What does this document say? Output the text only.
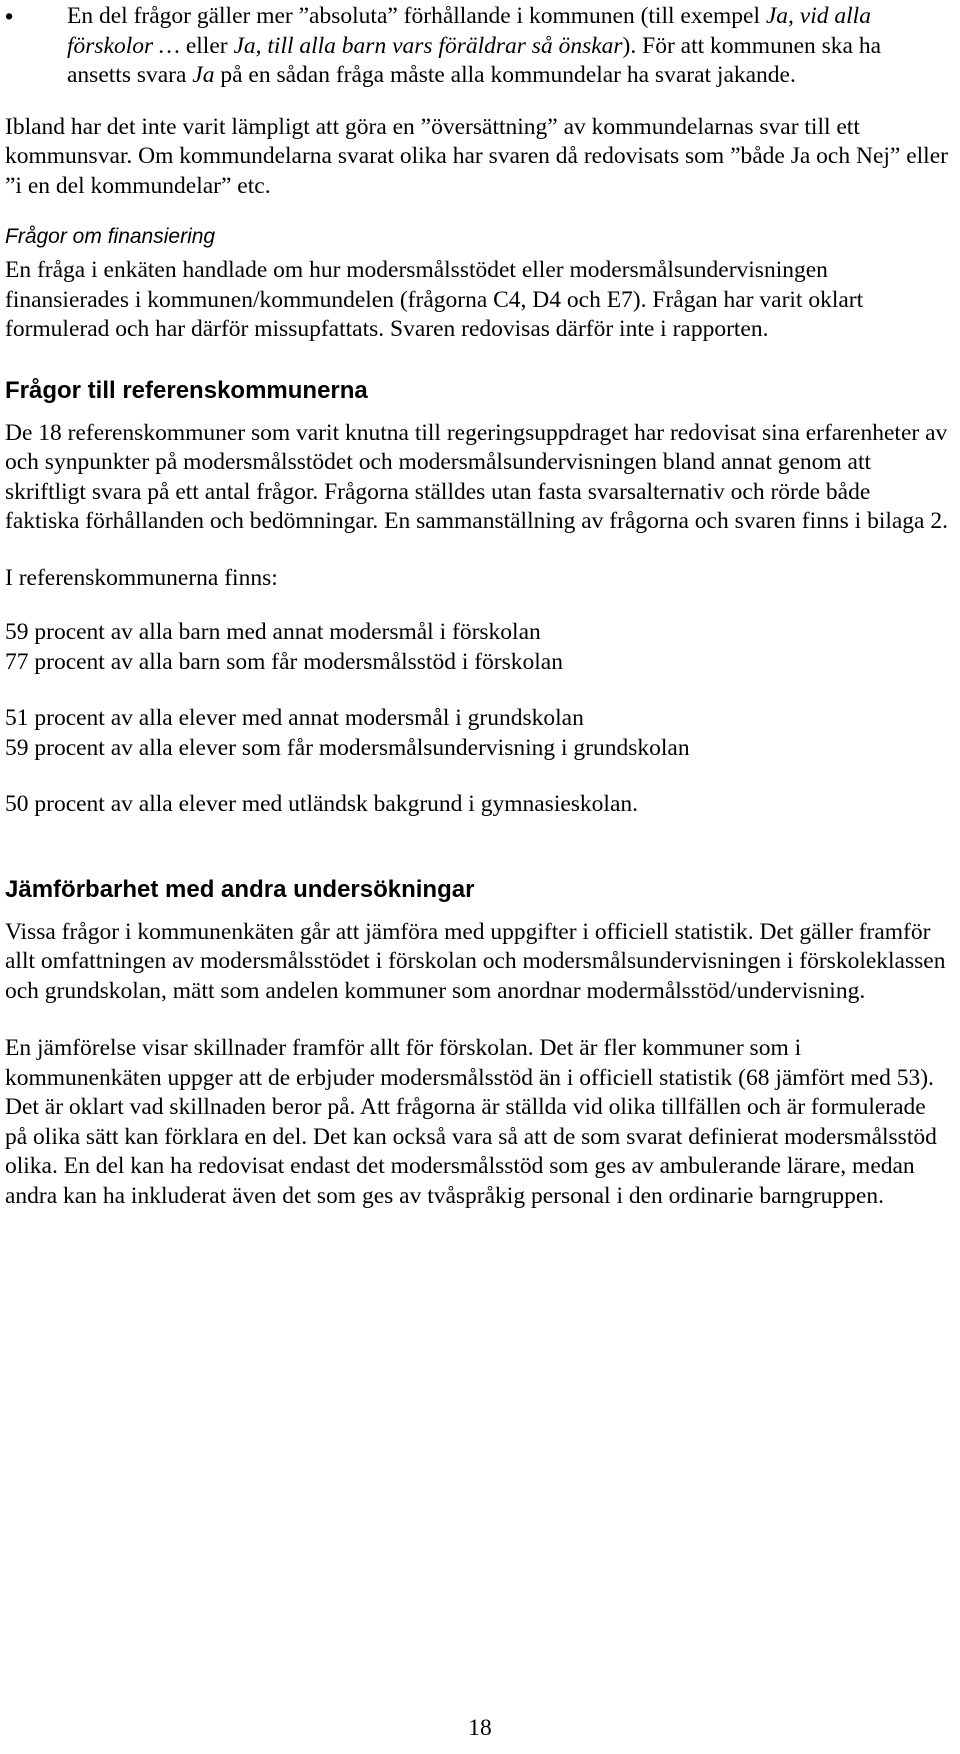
• En del frågor gäller mer ”absoluta” förhållande i kommunen (till exempel Ja, vid alla förskolor … eller Ja, till alla barn vars föräldrar så önskar). För att kommunen ska ha ansetts svara Ja på en sådan fråga måste alla kommundelar ha svarat jakande.

Ibland har det inte varit lämpligt att göra en ”översättning” av kommundelarnas svar till ett kommunsvar. Om kommundelarna svarat olika har svaren då redovisats som ”både Ja och Nej” eller ”i en del kommundelar” etc.

Frågor om finansiering

En fråga i enkäten handlade om hur modersmålsstödet eller modersmålsundervisningen finansierades i kommunen/kommundelen (frågorna C4, D4 och E7). Frågan har varit oklart formulerad och har därför missupfattats. Svaren redovisas därför inte i rapporten.

Frågor till referenskommunerna

De 18 referenskommuner som varit knutna till regeringsuppdraget har redovisat sina erfarenheter av och synpunkter på modersmålsstödet och modersmålsundervisningen bland annat genom att skriftligt svara på ett antal frågor. Frågorna ställdes utan fasta svarsalternativ och rörde både faktiska förhållanden och bedömningar. En sammanställning av frågorna och svaren finns i bilaga 2.

I referenskommunerna finns:

59 procent av alla barn med annat modersmål i förskolan

77 procent av alla barn som får modersmålsstöd i förskolan

51 procent av alla elever med annat modersmål i grundskolan

59 procent av alla elever som får modersmålsundervisning i grundskolan

50 procent av alla elever med utländsk bakgrund i gymnasieskolan.

Jämförbarhet med andra undersökningar

Vissa frågor i kommunenkäten går att jämföra med uppgifter i officiell statistik. Det gäller framför allt omfattningen av modersmålsstödet i förskolan och modersmålsundervisningen i förskoleklassen och grundskolan, mätt som andelen kommuner som anordnar modermålsstöd/undervisning.

En jämförelse visar skillnader framför allt för förskolan. Det är fler kommuner som i kommunenkäten uppger att de erbjuder modersmålsstöd än i officiell statistik (68 jämfört med 53). Det är oklart vad skillnaden beror på. Att frågorna är ställda vid olika tillfällen och är formulerade på olika sätt kan förklara en del. Det kan också vara så att de som svarat definierat modersmålsstöd olika. En del kan ha redovisat endast det modersmålsstöd som ges av ambulerande lärare, medan andra kan ha inkluderat även det som ges av tvåspråkig personal i den ordinarie barngruppen.

18
